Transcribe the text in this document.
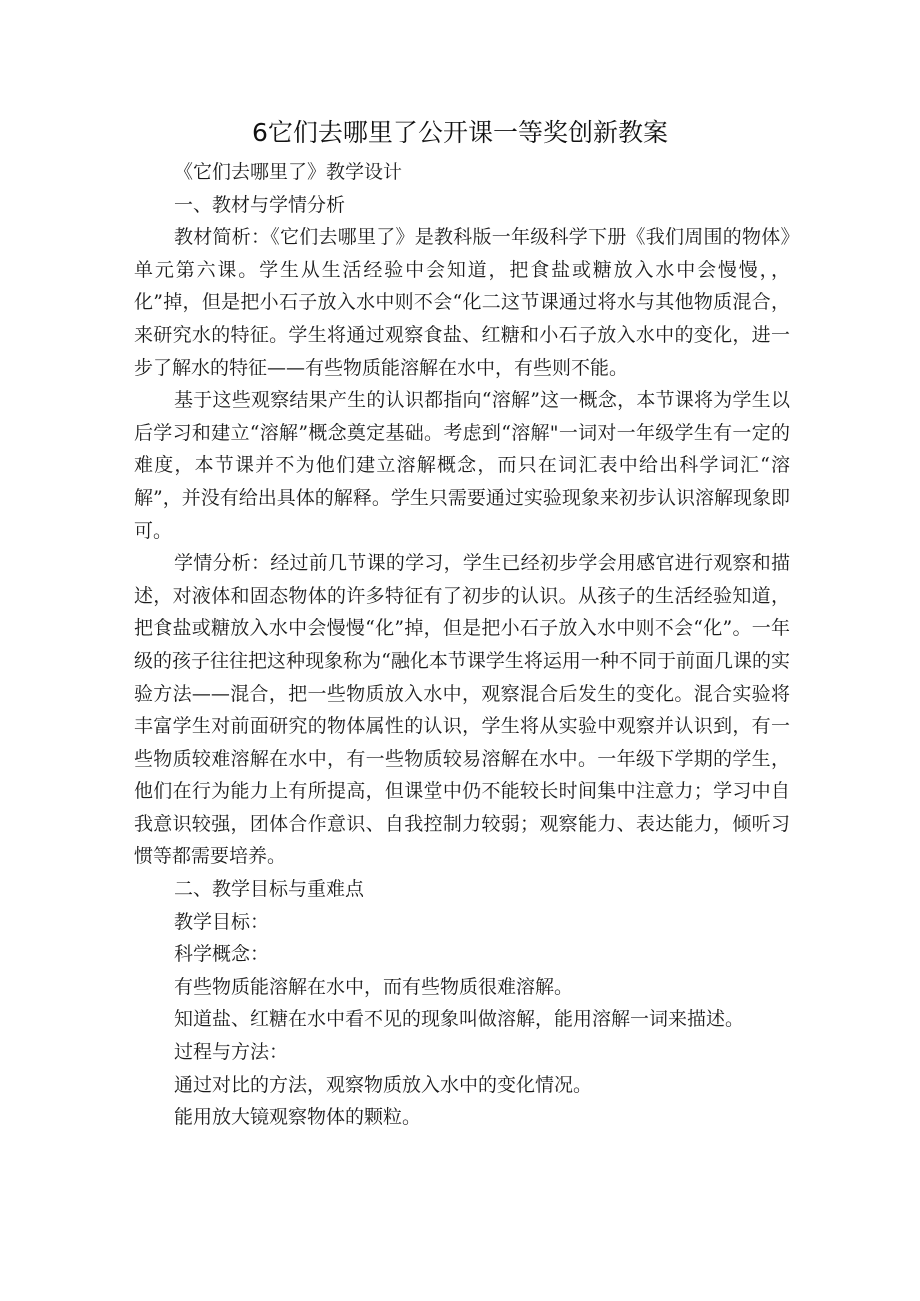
6它们去哪里了公开课一等奖创新教案

《它们去哪里了》教学设计

一、教材与学情分析

教材简析：《它们去哪里了》是教科版一年级科学下册《我们周围的物体》单元第六课。学生从生活经验中会知道，把食盐或糖放入水中会慢慢，，化”掉，但是把小石子放入水中则不会“化二这节课通过将水与其他物质混合，来研究水的特征。学生将通过观察食盐、红糖和小石子放入水中的变化，进一步了解水的特征——有些物质能溶解在水中，有些则不能。

基于这些观察结果产生的认识都指向“溶解”这一概念，本节课将为学生以后学习和建立“溶解”概念奠定基础。考虑到“溶解"一词对一年级学生有一定的难度，本节课并不为他们建立溶解概念，而只在词汇表中给出科学词汇“溶解”，并没有给出具体的解释。学生只需要通过实验现象来初步认识溶解现象即可。

学情分析：经过前几节课的学习，学生已经初步学会用感官进行观察和描述，对液体和固态物体的许多特征有了初步的认识。从孩子的生活经验知道，把食盐或糖放入水中会慢慢“化”掉，但是把小石子放入水中则不会“化”。一年级的孩子往往把这种现象称为“融化本节课学生将运用一种不同于前面几课的实验方法——混合，把一些物质放入水中，观察混合后发生的变化。混合实验将丰富学生对前面研究的物体属性的认识，学生将从实验中观察并认识到，有一些物质较难溶解在水中，有一些物质较易溶解在水中。一年级下学期的学生，他们在行为能力上有所提高，但课堂中仍不能较长时间集中注意力；学习中自我意识较强，团体合作意识、自我控制力较弱；观察能力、表达能力，倾听习惯等都需要培养。

二、教学目标与重难点

教学目标：

科学概念：

有些物质能溶解在水中，而有些物质很难溶解。

知道盐、红糖在水中看不见的现象叫做溶解，能用溶解一词来描述。

过程与方法：

通过对比的方法，观察物质放入水中的变化情况。

能用放大镜观察物体的颗粒。
